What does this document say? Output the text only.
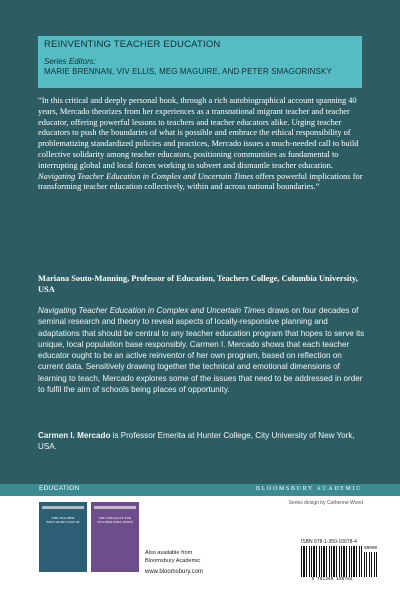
REINVENTING TEACHER EDUCATION
Series Editors:
MARIE BRENNAN, VIV ELLIS, MEG MAGUIRE, AND PETER SMAGORINSKY
“In this critical and deeply personal book, through a rich autobiographical account spanning 40 years, Mercado theorizes from her experiences as a transnational migrant teacher and teacher educator, offering powerful lessons to teachers and teacher educators alike. Urging teacher educators to push the boundaries of what is possible and embrace the ethical responsibility of problematizing standardized policies and practices, Mercado issues a much-needed call to build collective solidarity among teacher educators, positioning communities as fundamental to interrupting global and local forces working to subvert and dismantle teacher education. Navigating Teacher Education in Complex and Uncertain Times offers powerful implications for transforming teacher education collectively, within and across national boundaries.”
Mariana Souto-Manning, Professor of Education, Teachers College, Columbia University, USA
Navigating Teacher Education in Complex and Uncertain Times draws on four decades of seminal research and theory to reveal aspects of locally-responsive planning and adaptations that should be central to any teacher education program that hopes to serve its unique, local population base responsibly. Carmen I. Mercado shows that each teacher educator ought to be an active reinventor of her own program, based on reflection on current data. Sensitively drawing together the technical and emotional dimensions of learning to teach, Mercado explores some of the issues that need to be addressed in order to fulfil the aim of schools being places of opportunity.
Carmen I. Mercado is Professor Emerita at Hunter College, City University of New York, USA.
EDUCATION	BLOOMSBURY ACADEMIC
Series design by Catherine Wood
THE TEACHER EDUCATOR'S WAY IN
THE STRUGGLE FOR TEACHER EDUCATION
Also available from
Bloomsbury Academic
www.bloomsbury.com
ISBN 978-1-350-10678-4
9 781350 106784
90000
